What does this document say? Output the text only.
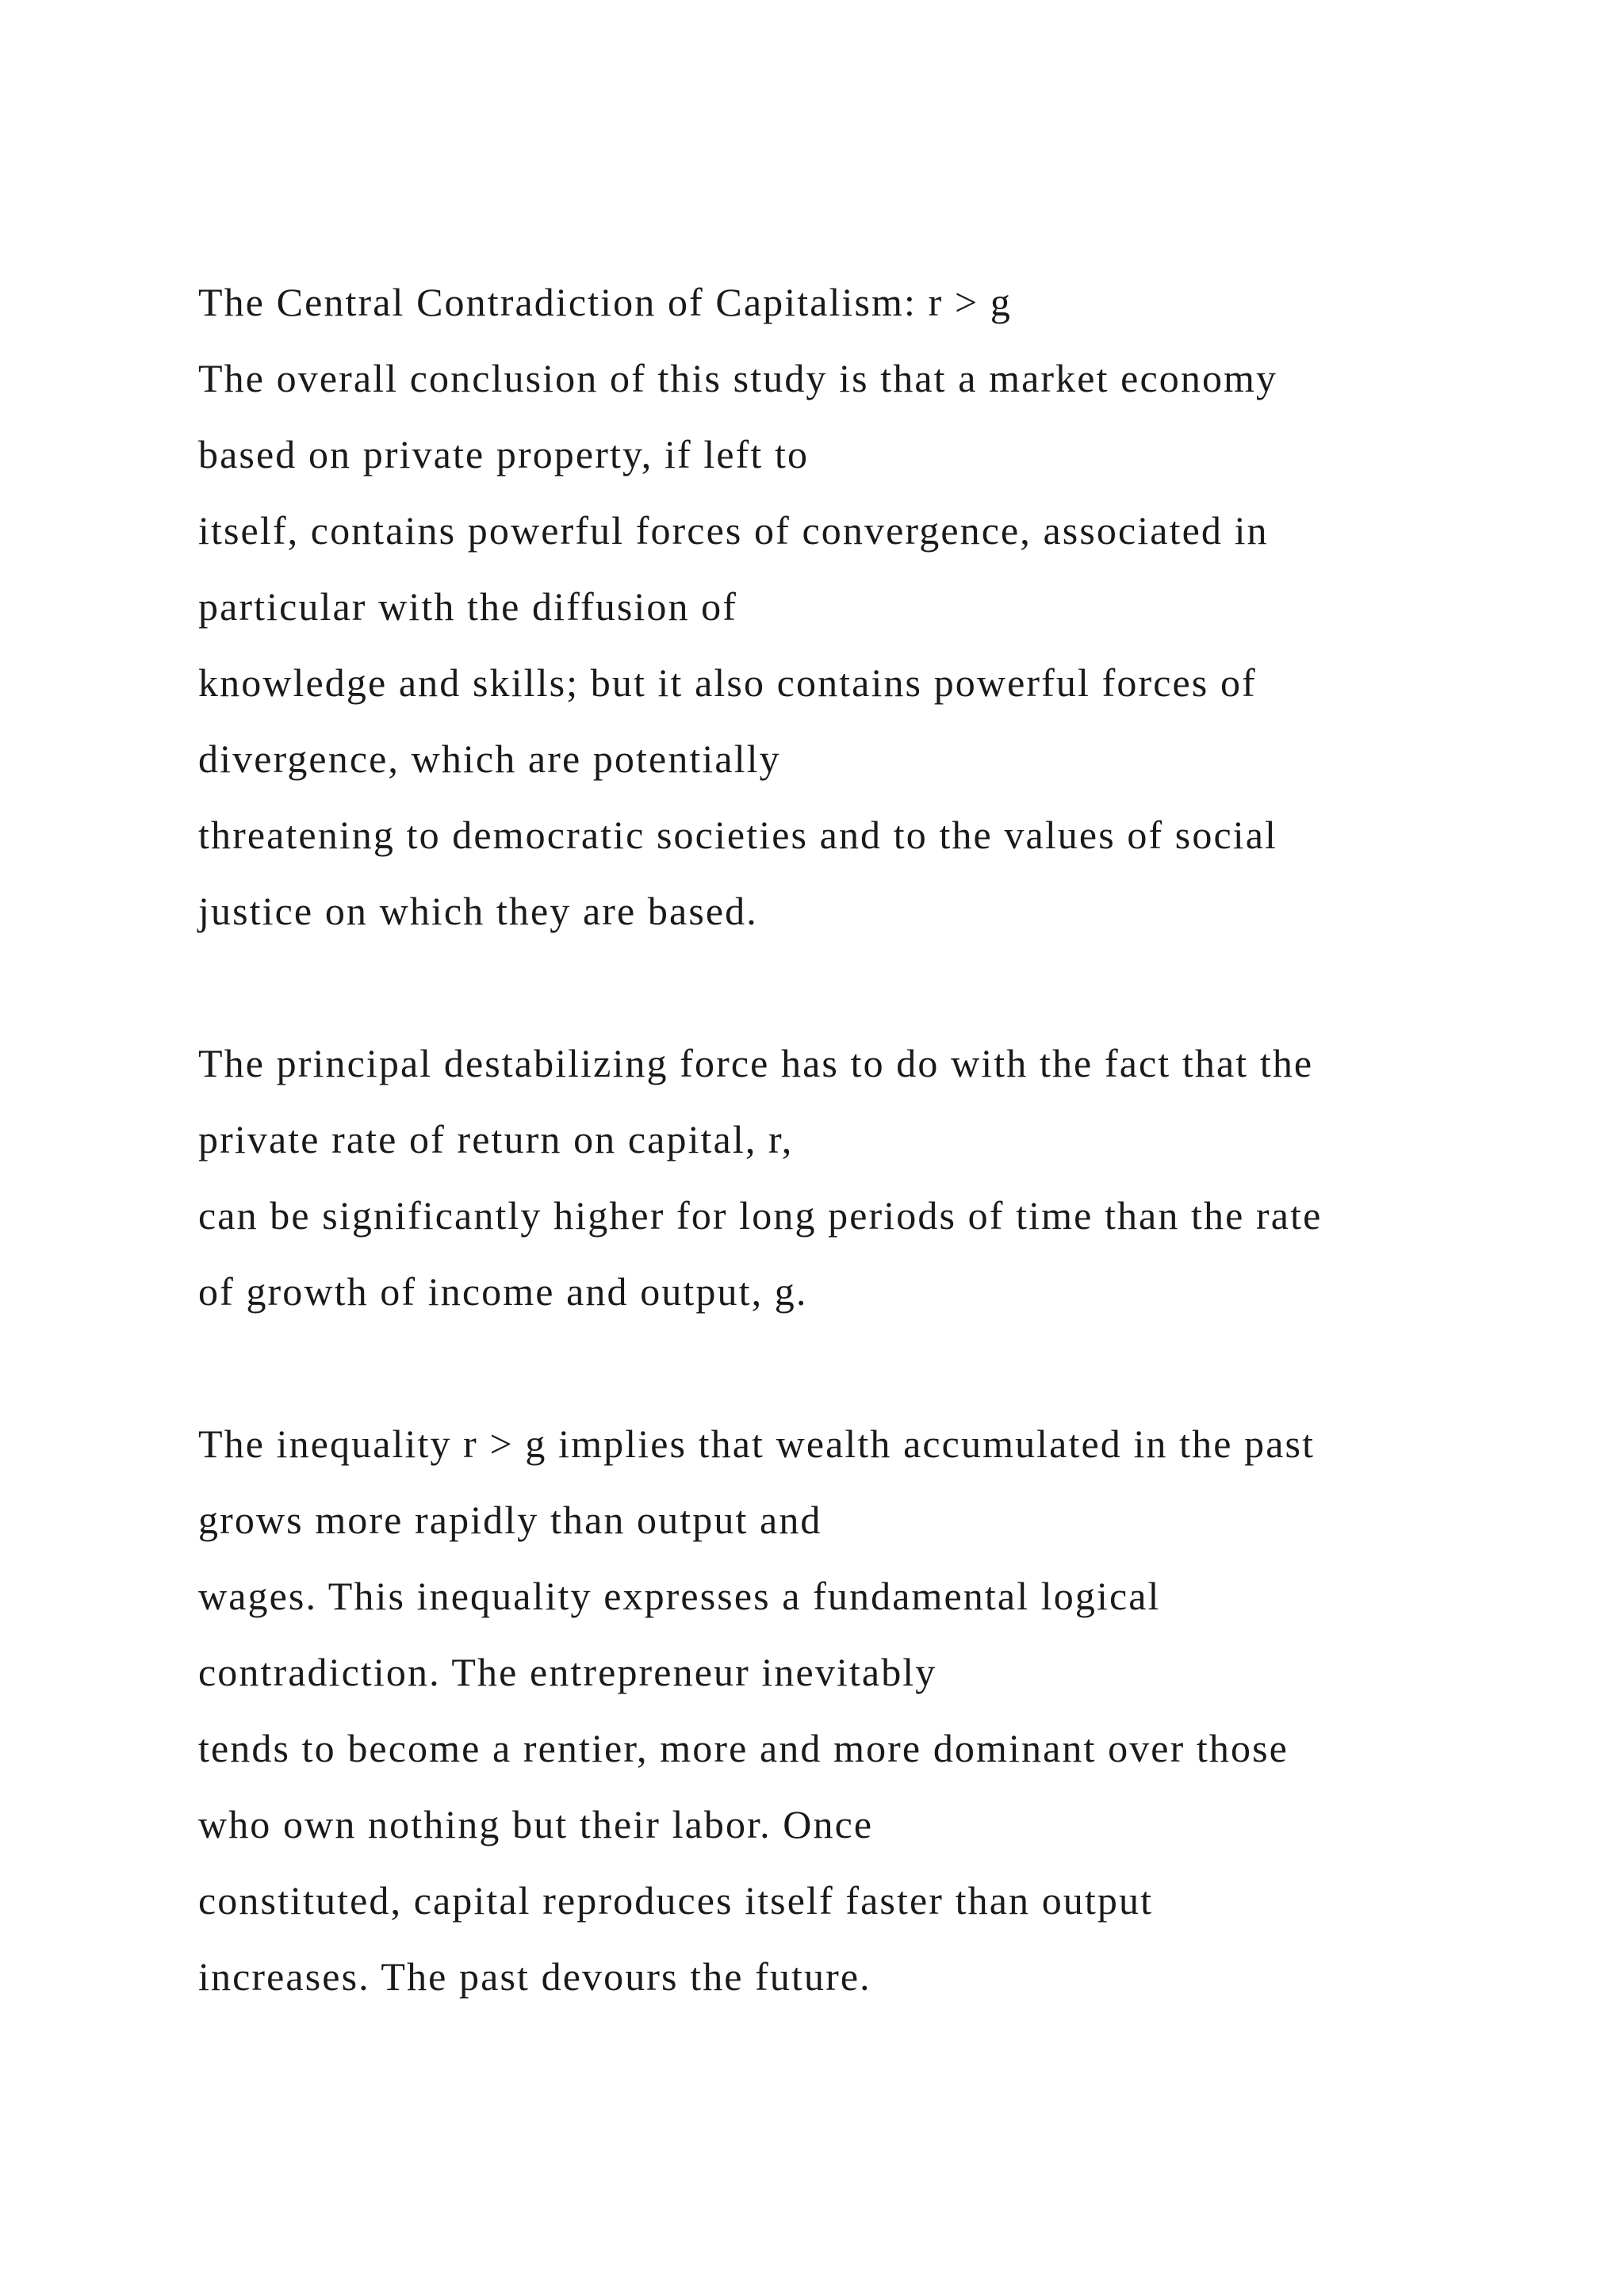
The Central Contradiction of Capitalism: r > g
The overall conclusion of this study is that a market economy
based on private property, if left to
itself, contains powerful forces of convergence, associated in
particular with the diffusion of
knowledge and skills; but it also contains powerful forces of
divergence, which are potentially
threatening to democratic societies and to the values of social
justice on which they are based.
The principal destabilizing force has to do with the fact that the
private rate of return on capital, r,
can be significantly higher for long periods of time than the rate
of growth of income and output, g.
The inequality r > g implies that wealth accumulated in the past
grows more rapidly than output and
wages. This inequality expresses a fundamental logical
contradiction. The entrepreneur inevitably
tends to become a rentier, more and more dominant over those
who own nothing but their labor. Once
constituted, capital reproduces itself faster than output
increases. The past devours the future.
